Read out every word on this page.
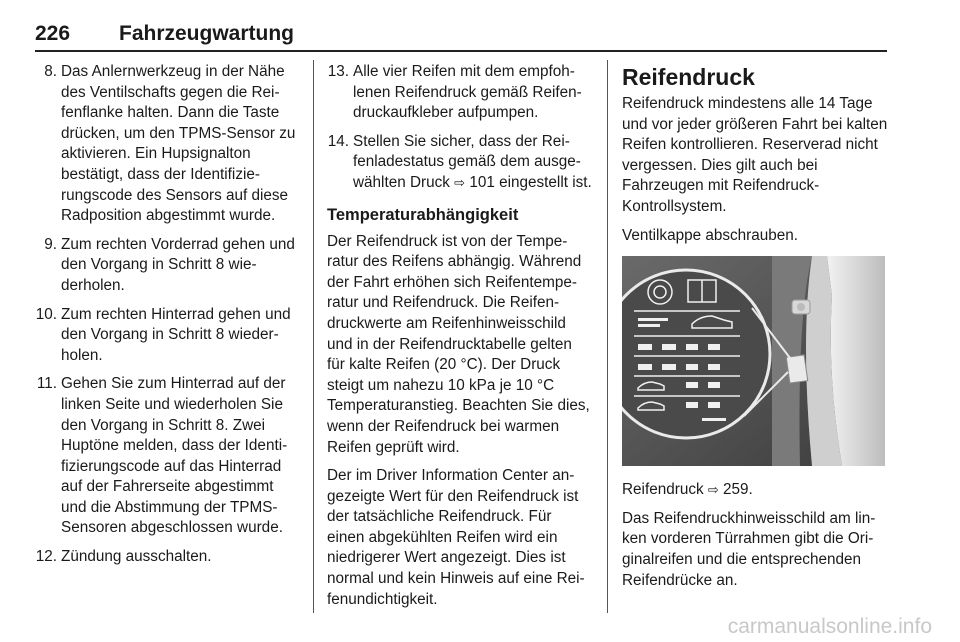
226 Fahrzeugwartung
8. Das Anlernwerkzeug in der Nähe des Ventilschafts gegen die Reifenflanke halten. Dann die Taste drücken, um den TPMS-Sensor zu aktivieren. Ein Hupsignalton bestätigt, dass der Identifizierungscode des Sensors auf diese Radposition abgestimmt wurde.
9. Zum rechten Vorderrad gehen und den Vorgang in Schritt 8 wiederholen.
10. Zum rechten Hinterrad gehen und den Vorgang in Schritt 8 wiederholen.
11. Gehen Sie zum Hinterrad auf der linken Seite und wiederholen Sie den Vorgang in Schritt 8. Zwei Huptöne melden, dass der Identifizierungscode auf das Hinterrad auf der Fahrerseite abgestimmt und die Abstimmung der TPMS-Sensoren abgeschlossen wurde.
12. Zündung ausschalten.
13. Alle vier Reifen mit dem empfohlenen Reifendruck gemäß Reifendruckaufkleber aufpumpen.
14. Stellen Sie sicher, dass der Reifenladestatus gemäß dem ausgewählten Druck ⇨ 101 eingestellt ist.
Temperaturabhängigkeit

Der Reifendruck ist von der Temperatur des Reifens abhängig. Während der Fahrt erhöhen sich Reifentemperatur und Reifendruck. Die Reifendruckwerte am Reifenhinweisschild und in der Reifendrucktabelle gelten für kalte Reifen (20 °C). Der Druck steigt um nahezu 10 kPa je 10 °C Temperaturanstieg. Beachten Sie dies, wenn der Reifendruck bei warmen Reifen geprüft wird.

Der im Driver Information Center angezeigte Wert für den Reifendruck ist der tatsächliche Reifendruck. Für einen abgekühlten Reifen wird ein niedrigerer Wert angezeigt. Dies ist normal und kein Hinweis auf eine Reifenundichtigkeit.

Reifendruck

Reifendruck mindestens alle 14 Tage und vor jeder größeren Fahrt bei kalten Reifen kontrollieren. Reserverad nicht vergessen. Dies gilt auch bei Fahrzeugen mit Reifendruck-Kontrollsystem.

Ventilkappe abschrauben.

Reifendruck ⇨ 259.

Das Reifendruckhinweisschild am linken vorderen Türrahmen gibt die Originalreifen und die entsprechenden Reifendrücke an.

carmanualsonline.info
